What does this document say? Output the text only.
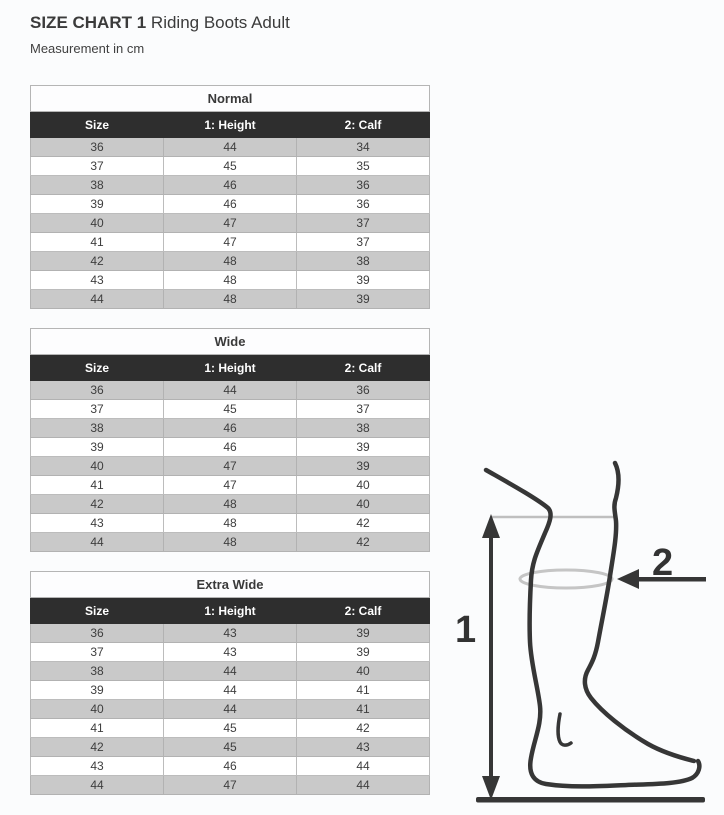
SIZE CHART 1 Riding Boots Adult
Measurement in cm
Normal		
Size	1: Height	2: Calf
36	44	34
37	45	35
38	46	36
39	46	36
40	47	37
41	47	37
42	48	38
43	48	39
44	48	39
Wide		
Size	1: Height	2: Calf
36	44	36
37	45	37
38	46	38
39	46	39
40	47	39
41	47	40
42	48	40
43	48	42
44	48	42
Extra Wide		
Size	1: Height	2: Calf
36	43	39
37	43	39
38	44	40
39	44	41
40	44	41
41	45	42
42	45	43
43	46	44
44	47	44
1
2
